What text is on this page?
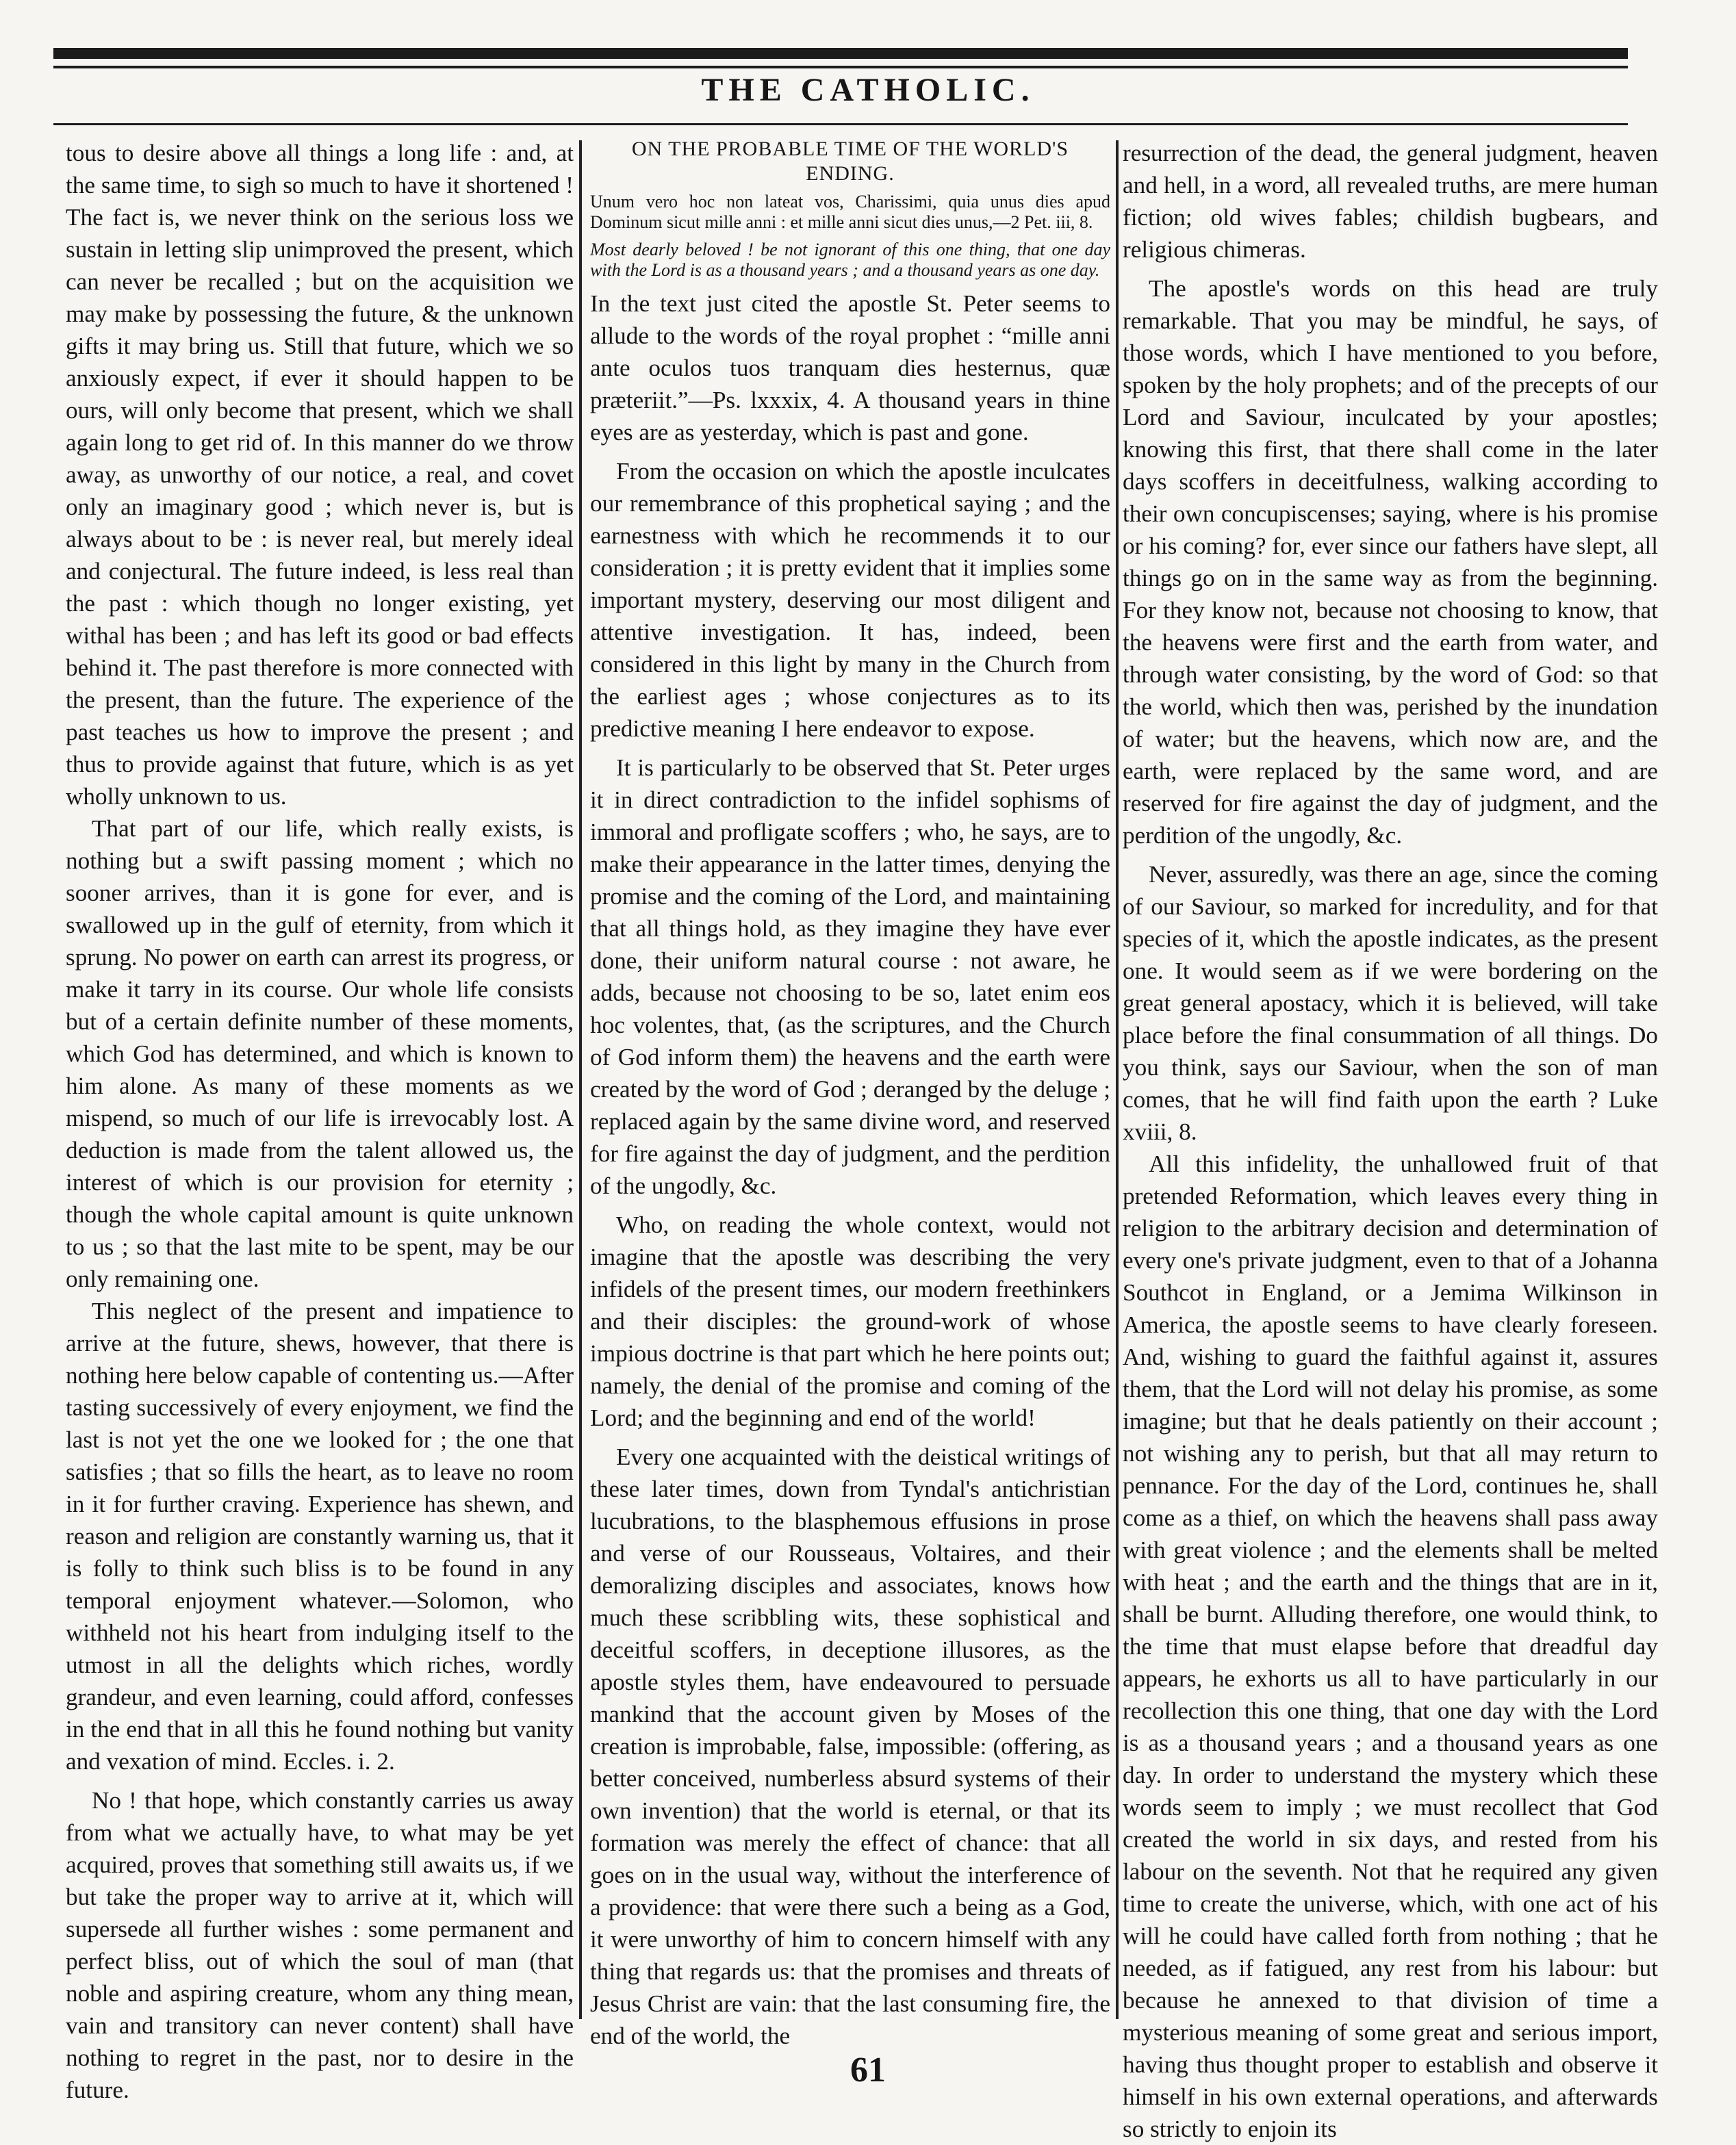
THE CATHOLIC.

tous to desire above all things a long life : and, at the same time, to sigh so much to have it shortened ! The fact is, we never think on the serious loss we sustain in letting slip unimproved the present, which can never be recalled ; but on the acquisition we may make by possessing the future, & the unknown gifts it may bring us. Still that future, which we so anxiously expect, if ever it should happen to be ours, will only become that present, which we shall again long to get rid of. In this manner do we throw away, as unworthy of our notice, a real, and covet only an imaginary good ; which never is, but is always about to be : is never real, but merely ideal and conjectural. The future indeed, is less real than the past : which though no longer existing, yet withal has been ; and has left its good or bad effects behind it. The past therefore is more connected with the present, than the future. The experience of the past teaches us how to improve the present ; and thus to provide against that future, which is as yet wholly unknown to us.

That part of our life, which really exists, is nothing but a swift passing moment ; which no sooner arrives, than it is gone for ever, and is swallowed up in the gulf of eternity, from which it sprung. No power on earth can arrest its progress, or make it tarry in its course. Our whole life consists but of a certain definite number of these moments, which God has determined, and which is known to him alone. As many of these moments as we mispend, so much of our life is irrevocably lost. A deduction is made from the talent allowed us, the interest of which is our provision for eternity ; though the whole capital amount is quite unknown to us ; so that the last mite to be spent, may be our only remaining one.

This neglect of the present and impatience to arrive at the future, shews, however, that there is nothing here below capable of contenting us.—After tasting successively of every enjoyment, we find the last is not yet the one we looked for ; the one that satisfies ; that so fills the heart, as to leave no room in it for further craving. Experience has shewn, and reason and religion are constantly warning us, that it is folly to think such bliss is to be found in any temporal enjoyment whatever.—Solomon, who withheld not his heart from indulging itself to the utmost in all the delights which riches, wordly grandeur, and even learning, could afford, confesses in the end that in all this he found nothing but vanity and vexation of mind. Eccles. i. 2.

No ! that hope, which constantly carries us away from what we actually have, to what may be yet acquired, proves that something still awaits us, if we but take the proper way to arrive at it, which will supersede all further wishes : some permanent and perfect bliss, out of which the soul of man (that noble and aspiring creature, whom any thing mean, vain and transitory can never content) shall have nothing to regret in the past, nor to desire in the future.

ON THE PROBABLE TIME OF THE WORLD'S ENDING.
Unum vero hoc non lateat vos, Charissimi, quia unus dies apud Dominum sicut mille anni : et mille anni sicut dies unus,—2 Pet. iii, 8.
Most dearly beloved ! be not ignorant of this one thing, that one day with the Lord is as a thousand years ; and a thousand years as one day.

In the text just cited the apostle St. Peter seems to allude to the words of the royal prophet : “mille anni ante oculos tuos tranquam dies hesternus, quæ præteriit.”—Ps. lxxxix, 4. A thousand years in thine eyes are as yesterday, which is past and gone.

From the occasion on which the apostle inculcates our remembrance of this prophetical saying ; and the earnestness with which he recommends it to our consideration ; it is pretty evident that it implies some important mystery, deserving our most diligent and attentive investigation. It has, indeed, been considered in this light by many in the Church from the earliest ages ; whose conjectures as to its predictive meaning I here endeavor to expose.

It is particularly to be observed that St. Peter urges it in direct contradiction to the infidel sophisms of immoral and profligate scoffers ; who, he says, are to make their appearance in the latter times, denying the promise and the coming of the Lord, and maintaining that all things hold, as they imagine they have ever done, their uniform natural course : not aware, he adds, because not choosing to be so, latet enim eos hoc volentes, that, (as the scriptures, and the Church of God inform them) the heavens and the earth were created by the word of God ; deranged by the deluge ; replaced again by the same divine word, and reserved for fire against the day of judgment, and the perdition of the ungodly, &c.

Who, on reading the whole context, would not imagine that the apostle was describing the very infidels of the present times, our modern freethinkers and their disciples: the ground-work of whose impious doctrine is that part which he here points out; namely, the denial of the promise and coming of the Lord; and the beginning and end of the world!

Every one acquainted with the deistical writings of these later times, down from Tyndal's antichristian lucubrations, to the blasphemous effusions in prose and verse of our Rousseaus, Voltaires, and their demoralizing disciples and associates, knows how much these scribbling wits, these sophistical and deceitful scoffers, in deceptione illusores, as the apostle styles them, have endeavoured to persuade mankind that the account given by Moses of the creation is improbable, false, impossible: (offering, as better conceived, numberless absurd systems of their own invention) that the world is eternal, or that its formation was merely the effect of chance: that all goes on in the usual way, without the interference of a providence: that were there such a being as a God, it were unworthy of him to concern himself with any thing that regards us: that the promises and threats of Jesus Christ are vain: that the last consuming fire, the end of the world, the

resurrection of the dead, the general judgment, heaven and hell, in a word, all revealed truths, are mere human fiction; old wives fables; childish bugbears, and religious chimeras.

The apostle's words on this head are truly remarkable. That you may be mindful, he says, of those words, which I have mentioned to you before, spoken by the holy prophets; and of the precepts of our Lord and Saviour, inculcated by your apostles; knowing this first, that there shall come in the later days scoffers in deceitfulness, walking according to their own concupiscenses; saying, where is his promise or his coming? for, ever since our fathers have slept, all things go on in the same way as from the beginning. For they know not, because not choosing to know, that the heavens were first and the earth from water, and through water consisting, by the word of God: so that the world, which then was, perished by the inundation of water; but the heavens, which now are, and the earth, were replaced by the same word, and are reserved for fire against the day of judgment, and the perdition of the ungodly, &c.

Never, assuredly, was there an age, since the coming of our Saviour, so marked for incredulity, and for that species of it, which the apostle indicates, as the present one. It would seem as if we were bordering on the great general apostacy, which it is believed, will take place before the final consummation of all things. Do you think, says our Saviour, when the son of man comes, that he will find faith upon the earth ? Luke xviii, 8.

All this infidelity, the unhallowed fruit of that pretended Reformation, which leaves every thing in religion to the arbitrary decision and determination of every one's private judgment, even to that of a Johanna Southcot in England, or a Jemima Wilkinson in America, the apostle seems to have clearly foreseen. And, wishing to guard the faithful against it, assures them, that the Lord will not delay his promise, as some imagine; but that he deals patiently on their account ; not wishing any to perish, but that all may return to pennance. For the day of the Lord, continues he, shall come as a thief, on which the heavens shall pass away with great violence ; and the elements shall be melted with heat ; and the earth and the things that are in it, shall be burnt. Alluding therefore, one would think, to the time that must elapse before that dreadful day appears, he exhorts us all to have particularly in our recollection this one thing, that one day with the Lord is as a thousand years ; and a thousand years as one day. In order to understand the mystery which these words seem to imply ; we must recollect that God created the world in six days, and rested from his labour on the seventh. Not that he required any given time to create the universe, which, with one act of his will he could have called forth from nothing ; that he needed, as if fatigued, any rest from his labour: but because he annexed to that division of time a mysterious meaning of some great and serious import, having thus thought proper to establish and observe it himself in his own external operations, and afterwards so strictly to enjoin its

61
